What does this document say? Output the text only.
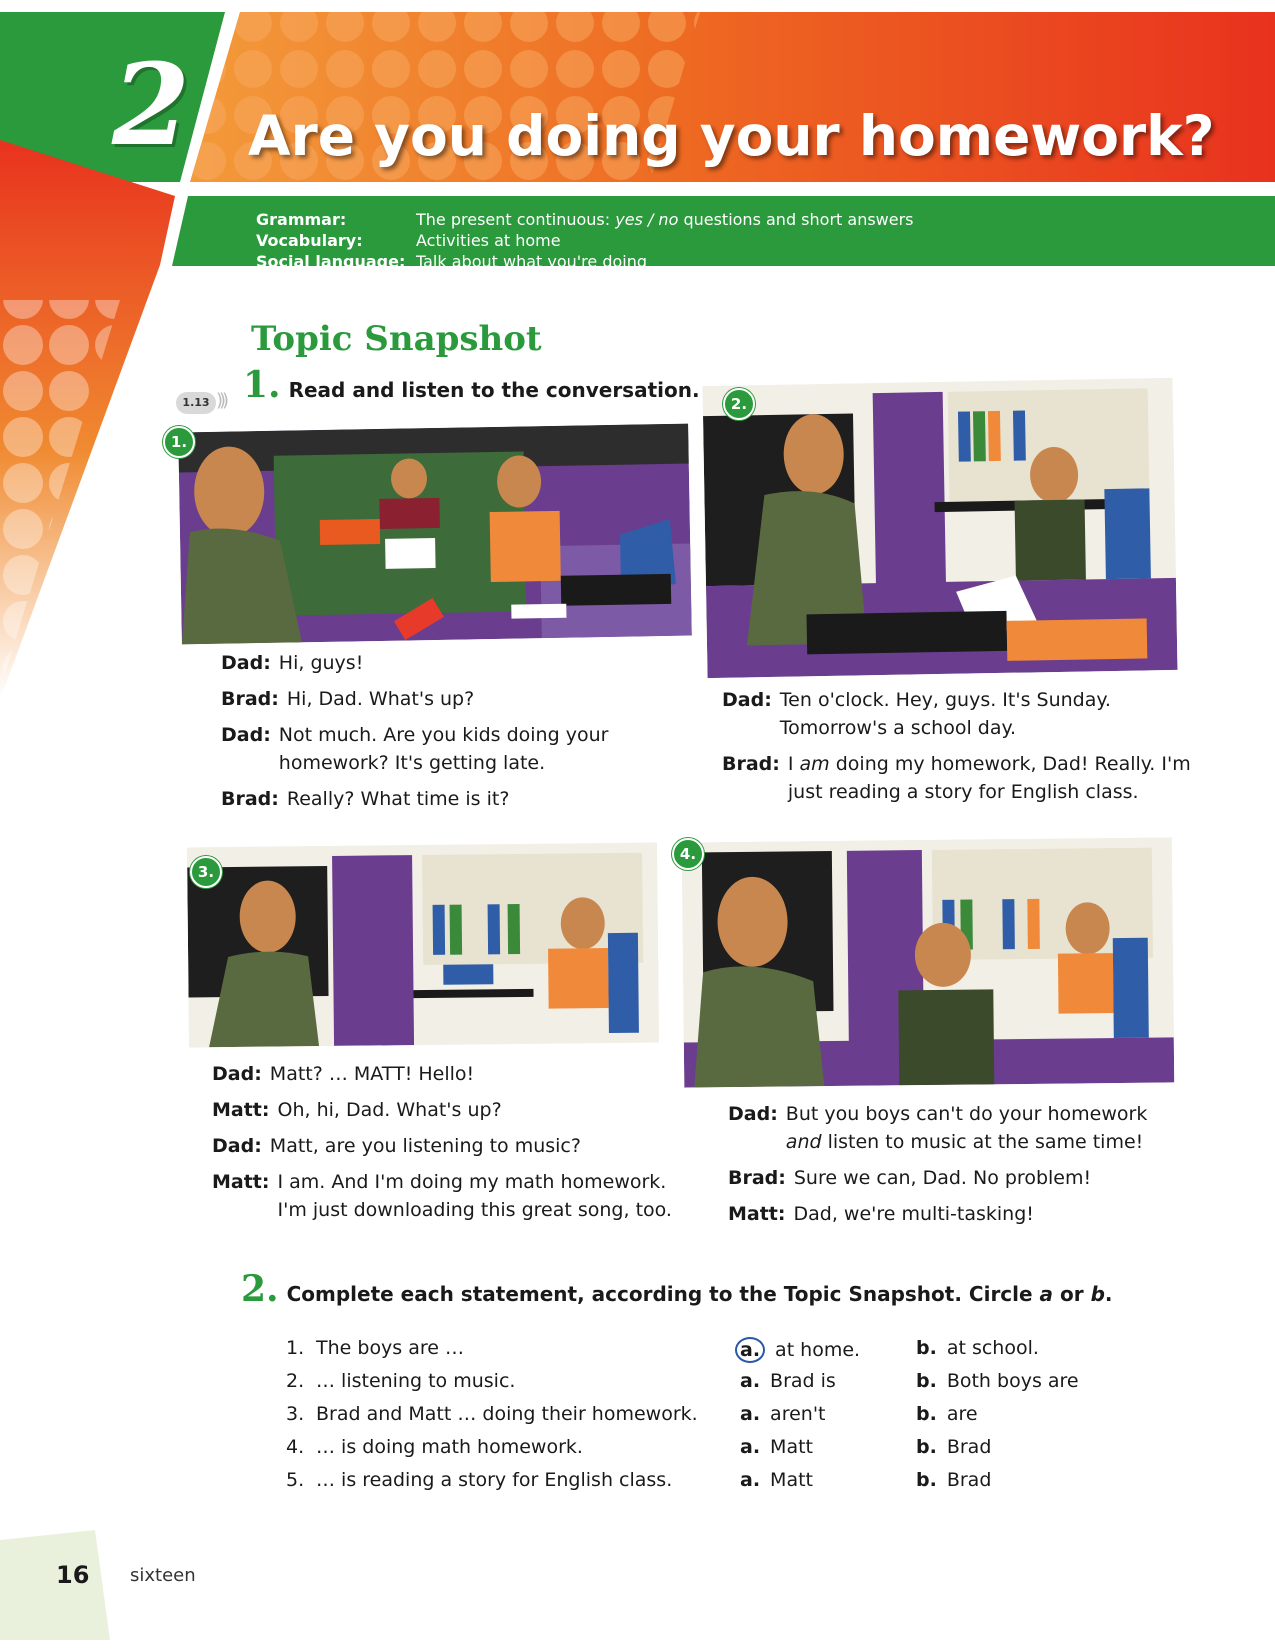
2 Are you doing your homework?
Grammar:	The present continuous: yes / no questions and short answers
Vocabulary:	Activities at home
Social language: Talk about what you're doing
Topic Snapshot
1.13 ))) 1. Read and listen to the conversation.
1.
Dad: Hi, guys!
Brad: Hi, Dad. What's up?
Dad: Not much. Are you kids doing your homework? It's getting late.
Brad: Really? What time is it?
2.
Dad: Ten o'clock. Hey, guys. It's Sunday. Tomorrow's a school day.
Brad: I am doing my homework, Dad! Really. I'm just reading a story for English class.
3.
Dad: Matt? … MATT! Hello!
Matt: Oh, hi, Dad. What's up?
Dad: Matt, are you listening to music?
Matt: I am. And I'm doing my math homework. I'm just downloading this great song, too.
4.
Dad: But you boys can't do your homework and listen to music at the same time!
Brad: Sure we can, Dad. No problem!
Matt: Dad, we're multi-tasking!
2. Complete each statement, according to the Topic Snapshot. Circle a or b.
1. The boys are …	a. at home.	b. at school.
2. … listening to music.	a. Brad is	b. Both boys are
3. Brad and Matt … doing their homework. a. aren't	b. are
4. … is doing math homework.	a. Matt	b. Brad
5. … is reading a story for English class.	a. Matt	b. Brad
16 sixteen
